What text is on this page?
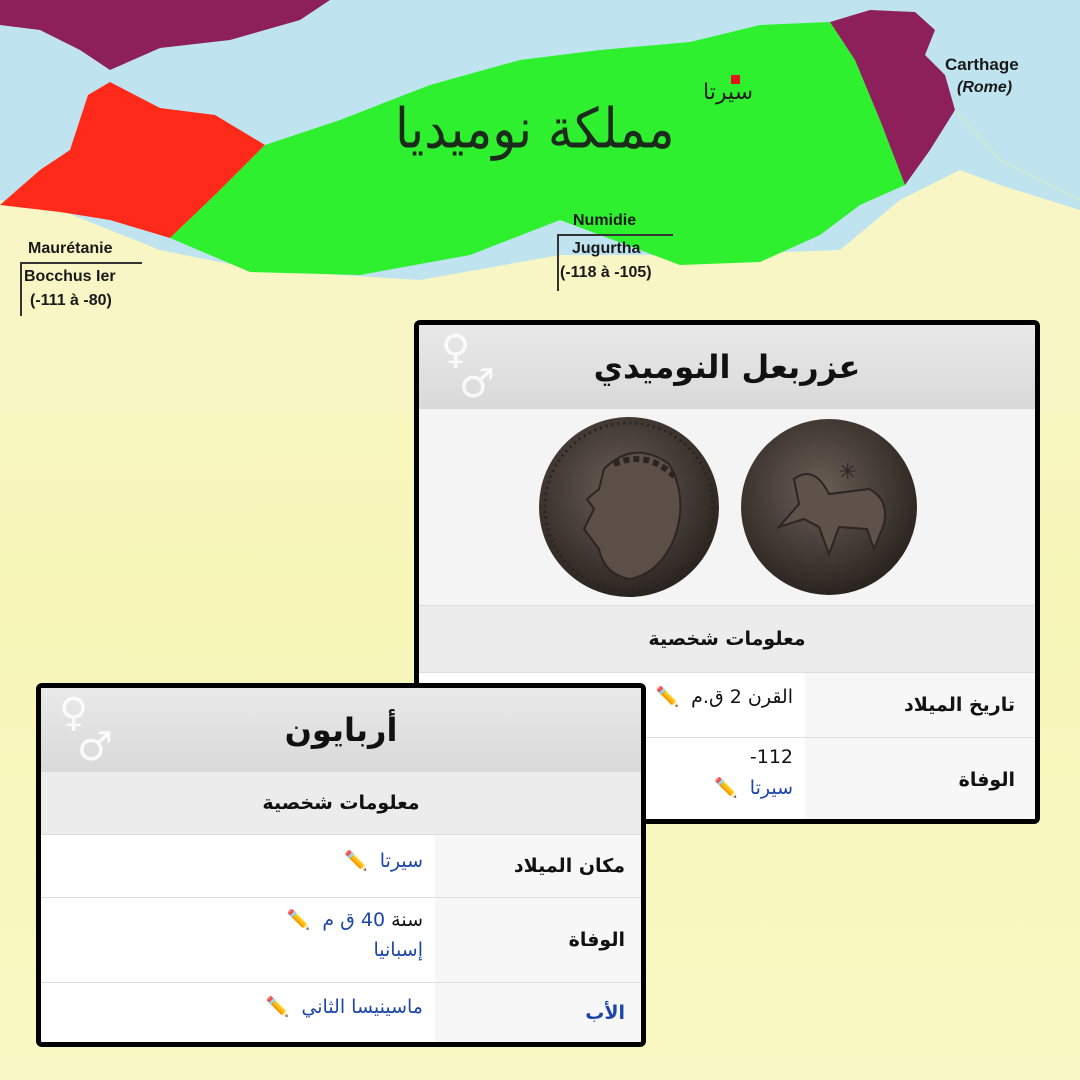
مملكة نوميديا
سيرتا
Carthage
(Rome)
Numidie
Jugurtha
(-118 à -105)
Maurétanie
Bocchus Ier
(-111 à -80)
عزربعل النوميدي
♀
♂
✳
معلومات شخصية
تاريخ الميلاد
القرن 2 ق.م ✏️
الوفاة
112-
سيرتا ✏️
أربايون
♀
♂
معلومات شخصية
مكان الميلاد
سيرتا ✏️
الوفاة
سنة 40 ق م ✏️
إسبانيا
الأب
ماسينيسا الثاني ✏️
